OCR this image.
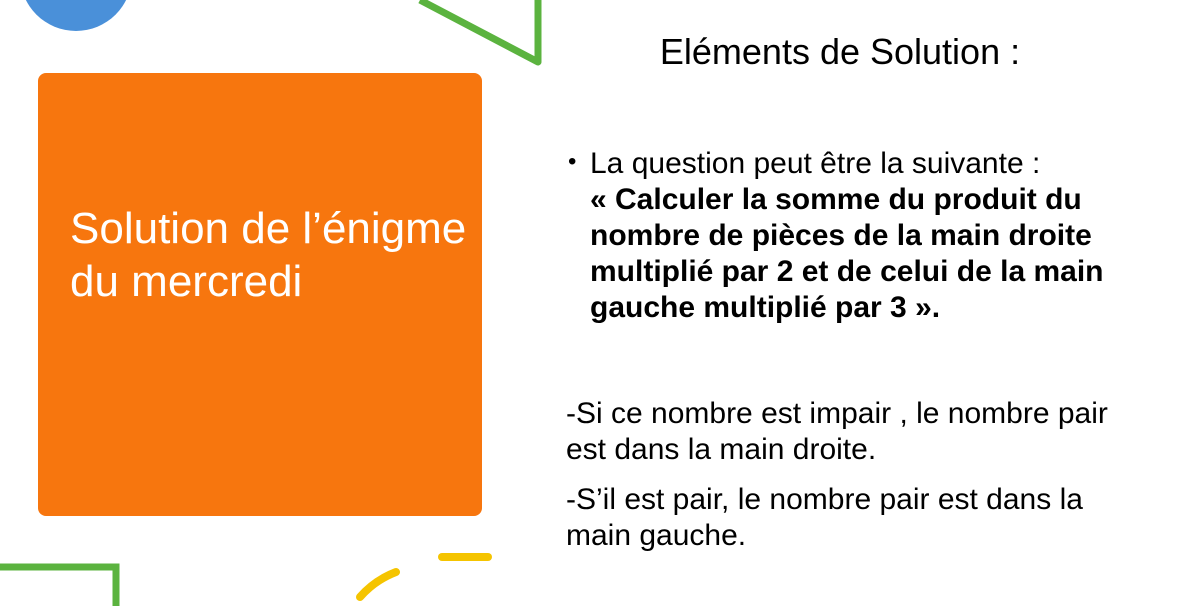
Solution de l’énigme du mercredi
Eléments de Solution :
• La question peut être la suivante :
« Calculer la somme du produit du nombre de pièces de la main droite multiplié par 2 et de celui de la main gauche multiplié par 3 ».
-Si ce nombre est impair , le nombre pair est dans la main droite.
-S’il est pair, le nombre pair est dans la main gauche.
